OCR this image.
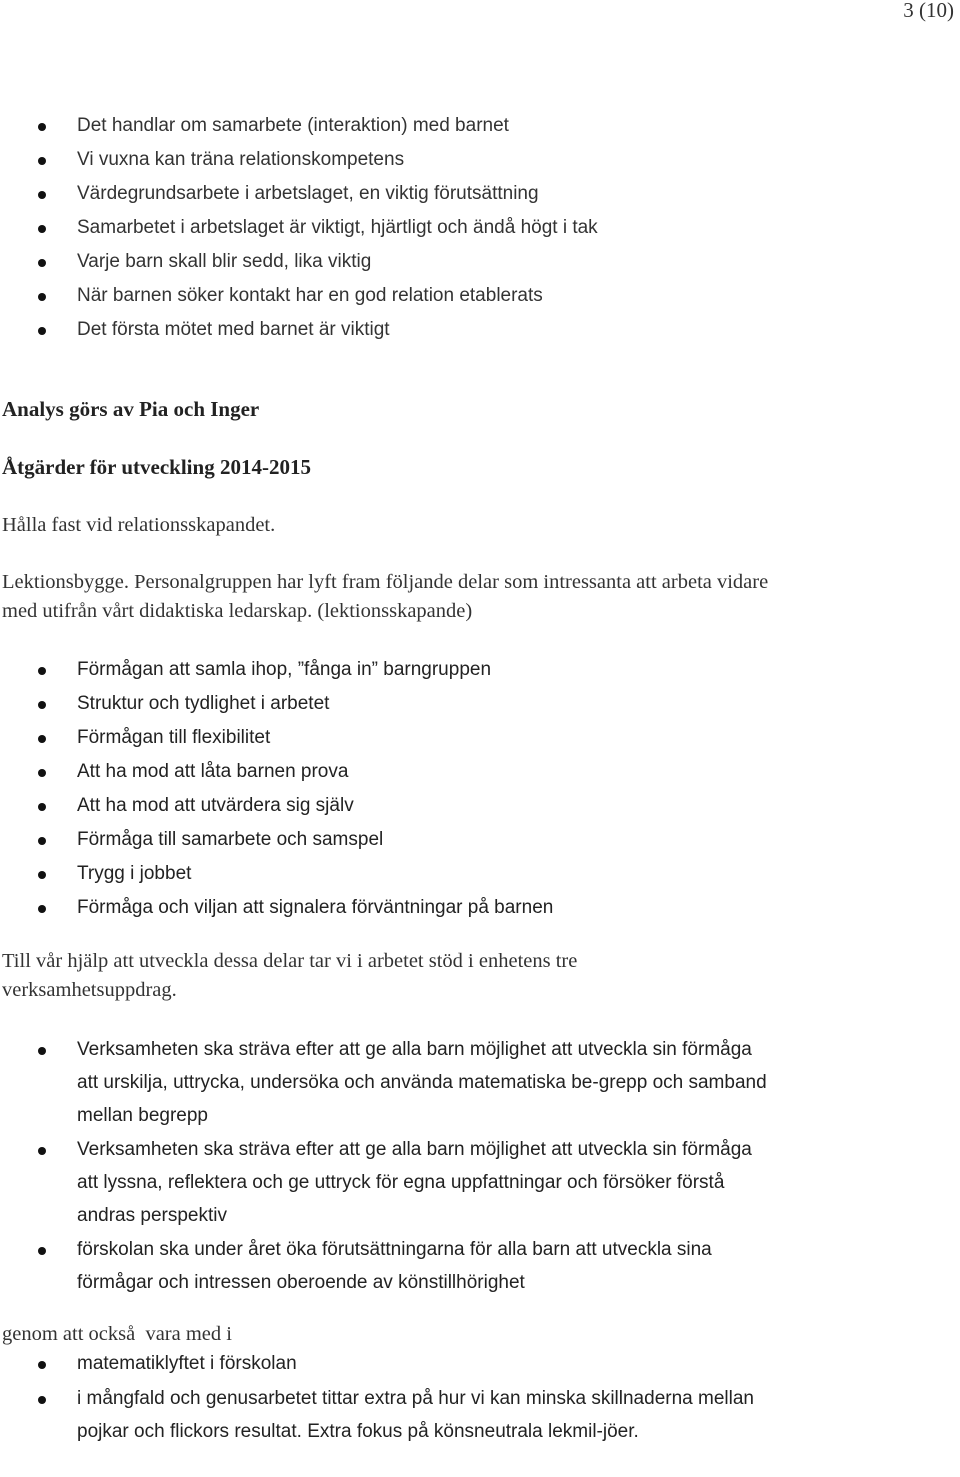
3 (10)
Det handlar om samarbete (interaktion) med barnet
Vi vuxna kan träna relationskompetens
Värdegrundsarbete i arbetslaget, en viktig förutsättning
Samarbetet i arbetslaget är viktigt, hjärtligt och ändå högt i tak
Varje barn skall blir sedd, lika viktig
När barnen söker kontakt har en god relation etablerats
Det första mötet med barnet är viktigt
Analys görs av Pia och Inger
Åtgärder för utveckling 2014-2015
Hålla fast vid relationsskapandet.
Lektionsbygge. Personalgruppen har lyft fram följande delar som intressanta att arbeta vidare med utifrån vårt didaktiska ledarskap. (lektionsskapande)
Förmågan att samla ihop, ”fånga in” barngruppen
Struktur och tydlighet i arbetet
Förmågan till flexibilitet
Att ha mod att låta barnen prova
Att ha mod att utvärdera sig själv
Förmåga till samarbete och samspel
Trygg i jobbet
Förmåga och viljan att signalera förväntningar på barnen
Till vår hjälp att utveckla dessa delar tar vi i arbetet stöd i enhetens tre verksamhetsuppdrag.
Verksamheten ska sträva efter att ge alla barn möjlighet att utveckla sin förmåga att urskilja, uttrycka, undersöka och använda matematiska be-grepp och samband mellan begrepp
Verksamheten ska sträva efter att ge alla barn möjlighet att utveckla sin förmåga att lyssna, reflektera och ge uttryck för egna uppfattningar och försöker förstå andras perspektiv
förskolan ska under året öka förutsättningarna för alla barn att utveckla sina förmågar och intressen oberoende av könstillhörighet
genom att också  vara med i
matematiklyftet i förskolan
i mångfald och genusarbetet tittar extra på hur vi kan minska skillnaderna mellan pojkar och flickors resultat. Extra fokus på könsneutrala lekmil-jöer.
